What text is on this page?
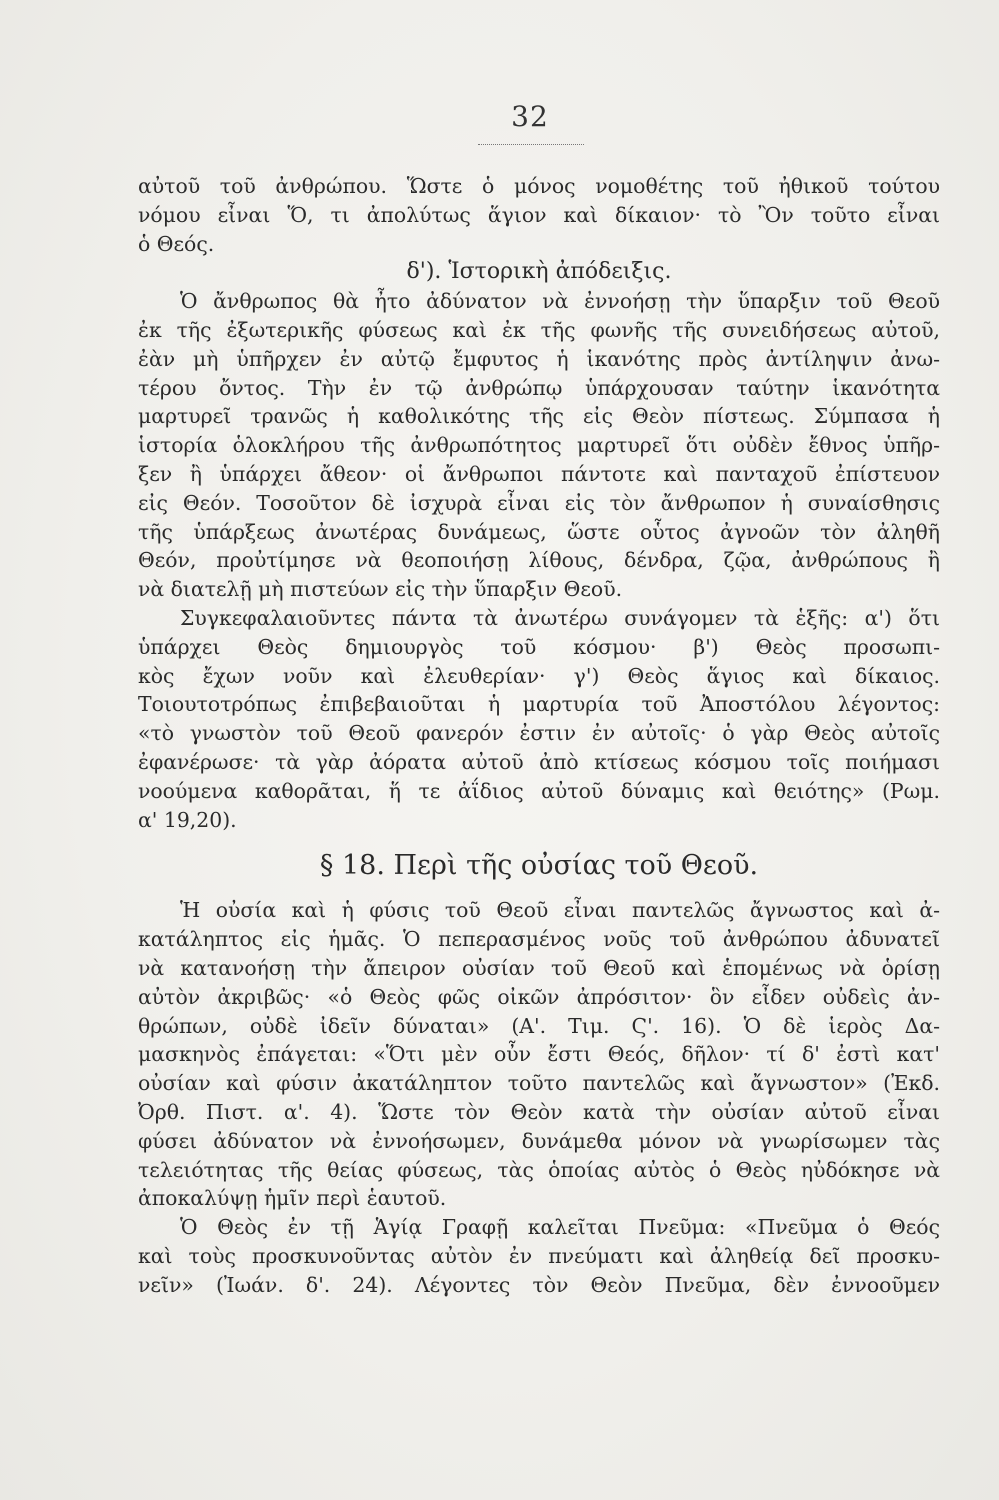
32
αὐτοῦ τοῦ ἀνθρώπου. Ὥστε ὁ μόνος νομοθέτης τοῦ ἠθικοῦ τούτου
νόμου εἶναι Ὅ, τι ἀπολύτως ἅγιον καὶ δίκαιον· τὸ Ὂν τοῦτο εἶναι
ὁ Θεός.
δ'). Ἱστορικὴ ἀπόδειξις.
Ὁ ἄνθρωπος θὰ ἦτο ἀδύνατον νὰ ἐννοήσῃ τὴν ὕπαρξιν τοῦ Θεοῦ
ἐκ τῆς ἐξωτερικῆς φύσεως καὶ ἐκ τῆς φωνῆς τῆς συνειδήσεως αὐτοῦ,
ἐὰν μὴ ὑπῆρχεν ἐν αὐτῷ ἔμφυτος ἡ ἱκανότης πρὸς ἀντίληψιν ἀνω-
τέρου ὄντος. Τὴν ἐν τῷ ἀνθρώπῳ ὑπάρχουσαν ταύτην ἱκανότητα
μαρτυρεῖ τρανῶς ἡ καθολικότης τῆς εἰς Θεὸν πίστεως. Σύμπασα ἡ
ἱστορία ὁλοκλήρου τῆς ἀνθρωπότητος μαρτυρεῖ ὅτι οὐδὲν ἔθνος ὑπῆρ-
ξεν ἢ ὑπάρχει ἄθεον· οἱ ἄνθρωποι πάντοτε καὶ πανταχοῦ ἐπίστευον
εἰς Θεόν. Τοσοῦτον δὲ ἰσχυρὰ εἶναι εἰς τὸν ἄνθρωπον ἡ συναίσθησις
τῆς ὑπάρξεως ἀνωτέρας δυνάμεως, ὥστε οὗτος ἀγνοῶν τὸν ἀληθῆ
Θεόν, προὐτίμησε νὰ θεοποιήσῃ λίθους, δένδρα, ζῷα, ἀνθρώπους ἢ
νὰ διατελῇ μὴ πιστεύων εἰς τὴν ὕπαρξιν Θεοῦ.
Συγκεφαλαιοῦντες πάντα τὰ ἀνωτέρω συνάγομεν τὰ ἑξῆς: α') ὅτι
ὑπάρχει Θεὸς δημιουργὸς τοῦ κόσμου· β') Θεὸς προσωπι-
κὸς ἔχων νοῦν καὶ ἐλευθερίαν· γ') Θεὸς ἅγιος καὶ δίκαιος.
Τοιουτοτρόπως ἐπιβεβαιοῦται ἡ μαρτυρία τοῦ Ἀποστόλου λέγοντος:
«τὸ γνωστὸν τοῦ Θεοῦ φανερόν ἐστιν ἐν αὐτοῖς· ὁ γὰρ Θεὸς αὐτοῖς
ἐφανέρωσε· τὰ γὰρ ἀόρατα αὐτοῦ ἀπὸ κτίσεως κόσμου τοῖς ποιήμασι
νοούμενα καθορᾶται, ἥ τε ἀΐδιος αὐτοῦ δύναμις καὶ θειότης» (Ρωμ.
α' 19,20).
§ 18. Περὶ τῆς οὐσίας τοῦ Θεοῦ.
Ἡ οὐσία καὶ ἡ φύσις τοῦ Θεοῦ εἶναι παντελῶς ἄγνωστος καὶ ἀ-
κατάληπτος εἰς ἡμᾶς. Ὁ πεπερασμένος νοῦς τοῦ ἀνθρώπου ἀδυνατεῖ
νὰ κατανοήσῃ τὴν ἄπειρον οὐσίαν τοῦ Θεοῦ καὶ ἑπομένως νὰ ὁρίσῃ
αὐτὸν ἀκριβῶς· «ὁ Θεὸς φῶς οἰκῶν ἀπρόσιτον· ὃν εἶδεν οὐδεὶς ἀν-
θρώπων, οὐδὲ ἰδεῖν δύναται» (Α'. Τιμ. Ϛ'. 16). Ὁ δὲ ἱερὸς Δα-
μασκηνὸς ἐπάγεται: «Ὅτι μὲν οὖν ἔστι Θεός, δῆλον· τί δ' ἐστὶ κατ'
οὐσίαν καὶ φύσιν ἀκατάληπτον τοῦτο παντελῶς καὶ ἄγνωστον» (Ἐκδ.
Ὀρθ. Πιστ. α'. 4). Ὥστε τὸν Θεὸν κατὰ τὴν οὐσίαν αὐτοῦ εἶναι
φύσει ἀδύνατον νὰ ἐννοήσωμεν, δυνάμεθα μόνον νὰ γνωρίσωμεν τὰς
τελειότητας τῆς θείας φύσεως, τὰς ὁποίας αὐτὸς ὁ Θεὸς ηὐδόκησε νὰ
ἀποκαλύψῃ ἡμῖν περὶ ἑαυτοῦ.
Ὁ Θεὸς ἐν τῇ Ἁγίᾳ Γραφῇ καλεῖται Πνεῦμα: «Πνεῦμα ὁ Θεός
καὶ τοὺς προσκυνοῦντας αὐτὸν ἐν πνεύματι καὶ ἀληθείᾳ δεῖ προσκυ-
νεῖν» (Ἰωάν. δ'. 24). Λέγοντες τὸν Θεὸν Πνεῦμα, δὲν ἐννοοῦμεν
